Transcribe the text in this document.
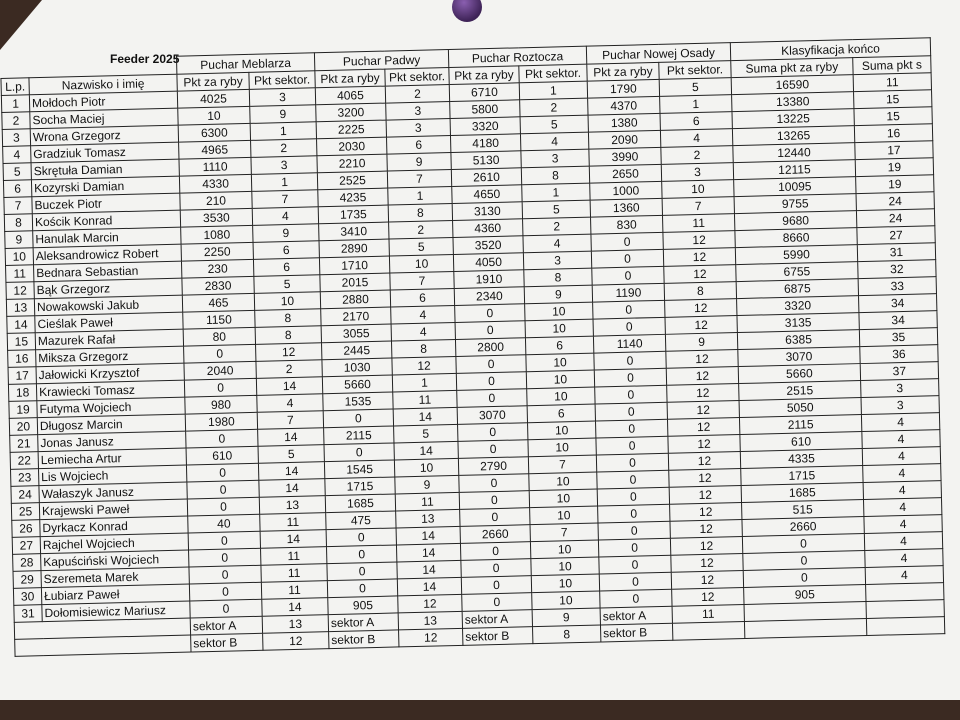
Feeder 2025
		Puchar Meblarza		Puchar Padwy		Puchar Roztocza		Puchar Nowej Osady		Klasyfikacja końco	
L.p.	Nazwisko i imię	Pkt za ryby	Pkt sektor.	Pkt za ryby	Pkt sektor.	Pkt za ryby	Pkt sektor.	Pkt za ryby	Pkt sektor.	Suma pkt za ryby	Suma pkt s
1	Mołdoch Piotr	4025	3	4065	2	6710	1	1790	5	16590	11
2	Socha Maciej	10	9	3200	3	5800	2	4370	1	13380	15
3	Wrona Grzegorz	6300	1	2225	3	3320	5	1380	6	13225	15
4	Gradziuk Tomasz	4965	2	2030	6	4180	4	2090	4	13265	16
5	Skrętuła Damian	1110	3	2210	9	5130	3	3990	2	12440	17
6	Kozyrski Damian	4330	1	2525	7	2610	8	2650	3	12115	19
7	Buczek Piotr	210	7	4235	1	4650	1	1000	10	10095	19
8	Kościk Konrad	3530	4	1735	8	3130	5	1360	7	9755	24
9	Hanulak Marcin	1080	9	3410	2	4360	2	830	11	9680	24
10	Aleksandrowicz Robert	2250	6	2890	5	3520	4	0	12	8660	27
11	Bednara Sebastian	230	6	1710	10	4050	3	0	12	5990	31
12	Bąk Grzegorz	2830	5	2015	7	1910	8	0	12	6755	32
13	Nowakowski Jakub	465	10	2880	6	2340	9	1190	8	6875	33
14	Cieślak Paweł	1150	8	2170	4	0	10	0	12	3320	34
15	Mazurek Rafał	80	8	3055	4	0	10	0	12	3135	34
16	Miksza Grzegorz	0	12	2445	8	2800	6	1140	9	6385	35
17	Jałowicki Krzysztof	2040	2	1030	12	0	10	0	12	3070	36
18	Krawiecki Tomasz	0	14	5660	1	0	10	0	12	5660	37
19	Futyma Wojciech	980	4	1535	11	0	10	0	12	2515	3
20	Długosz Marcin	1980	7	0	14	3070	6	0	12	5050	3
21	Jonas Janusz	0	14	2115	5	0	10	0	12	2115	4
22	Lemiecha Artur	610	5	0	14	0	10	0	12	610	4
23	Lis Wojciech	0	14	1545	10	2790	7	0	12	4335	4
24	Wałaszyk Janusz	0	14	1715	9	0	10	0	12	1715	4
25	Krajewski Paweł	0	13	1685	11	0	10	0	12	1685	4
26	Dyrkacz Konrad	40	11	475	13	0	10	0	12	515	4
27	Rajchel Wojciech	0	14	0	14	2660	7	0	12	2660	4
28	Kapuściński Wojciech	0	11	0	14	0	10	0	12	0	4
29	Szeremeta Marek	0	11	0	14	0	10	0	12	0	4
30	Łubiarz Paweł	0	11	0	14	0	10	0	12	0	4
31	Dołomisiewicz Mariusz	0	14	905	12	0	10	0	12	905	
		sektor A	13	sektor A	13	sektor A	9	sektor A	11		
		sektor B	12	sektor B	12	sektor B	8	sektor B			
